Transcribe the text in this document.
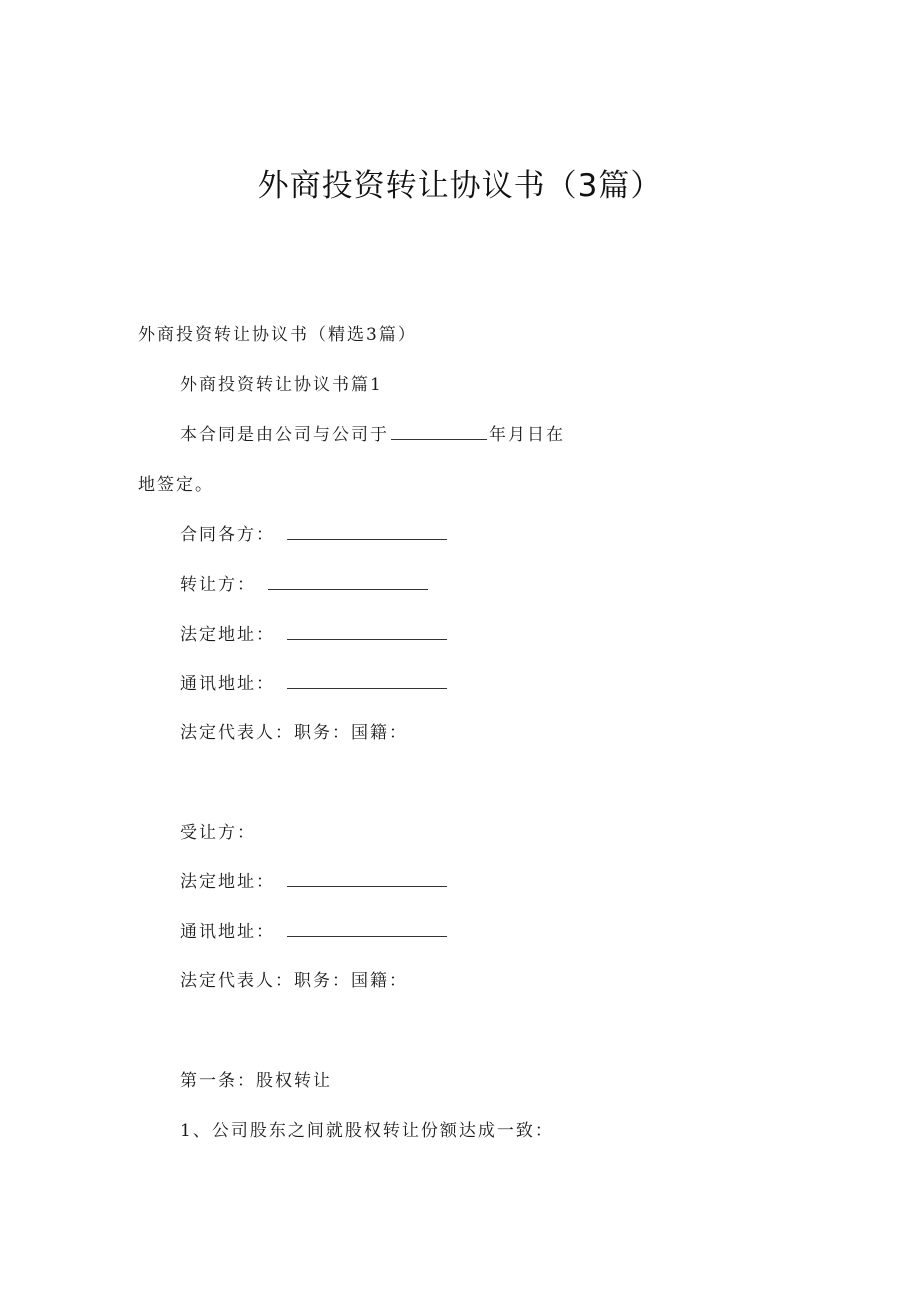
外商投资转让协议书（3篇）
外商投资转让协议书（精选3篇）
外商投资转让协议书篇1
本合同是由公司与公司于	年月日在
地签定。
合同各方：
转让方：
法定地址：
通讯地址：
法定代表人：职务：国籍：
受让方：
法定地址：
通讯地址：
法定代表人：职务：国籍：
第一条：股权转让
1、公司股东之间就股权转让份额达成一致：
